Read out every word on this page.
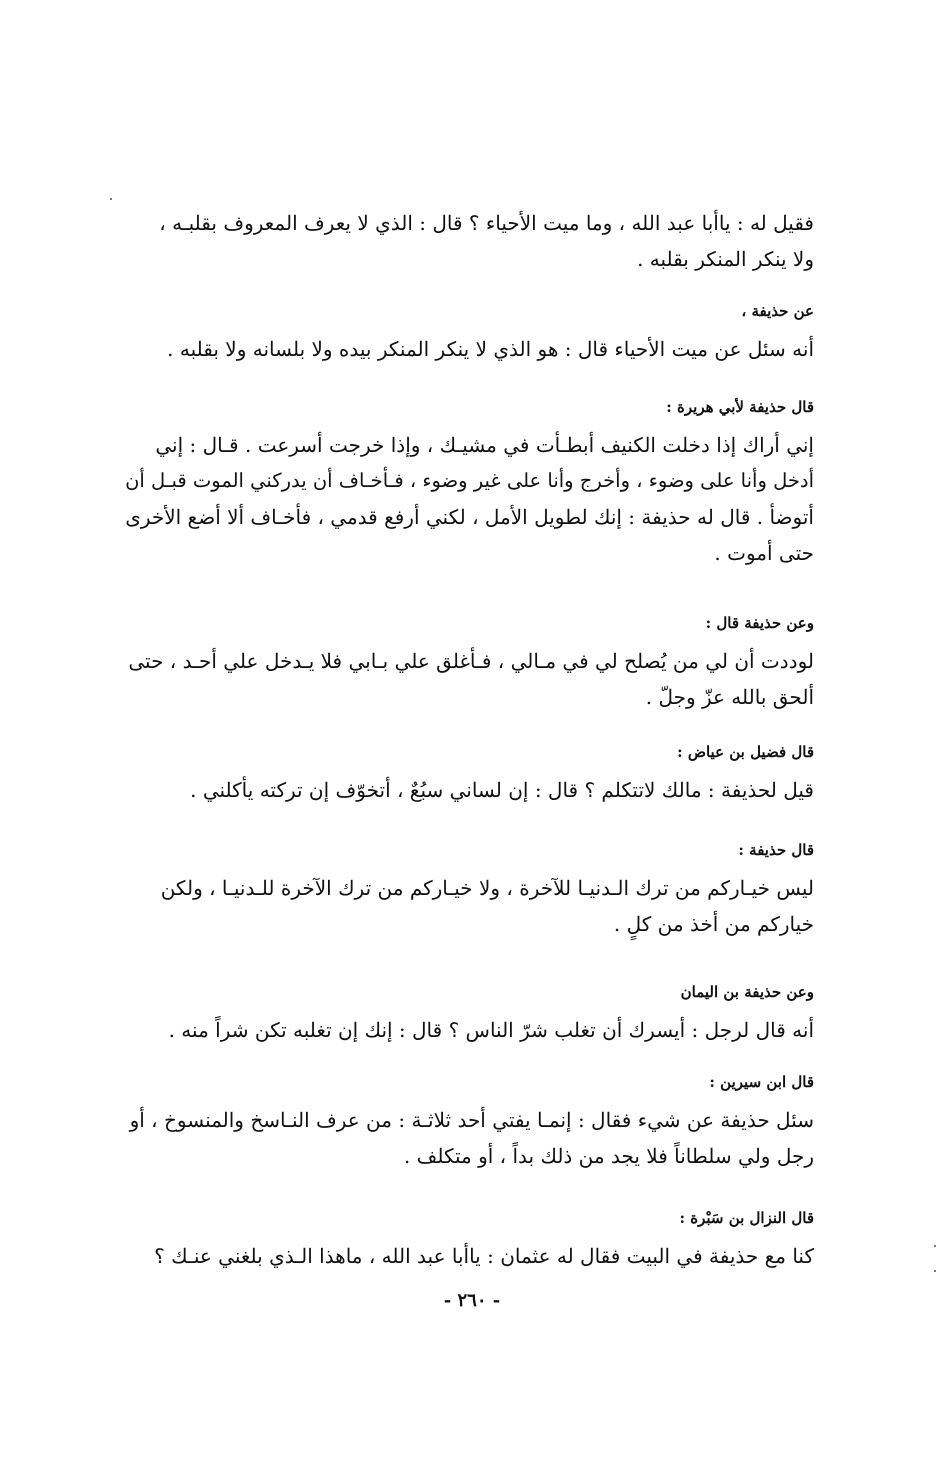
فقيل له : ياأبا عبد الله ، وما ميت الأحياء ؟ قال : الذي لا يعرف المعروف بقلبـه ،
ولا ينكر المنكر بقلبه .
عن حذيفة ،
أنه سئل عن ميت الأحياء قال : هو الذي لا ينكر المنكر بيده ولا بلسانه ولا بقلبه .
قال حذيفة لأبي هريرة :
إني أراك إذا دخلت الكنيف أبطـأت في مشيـك ، وإذا خرجت أسرعت . قـال : إني
أدخل وأنا على وضوء ، وأخرج وأنا على غير وضوء ، فـأخـاف أن يدركني الموت قبـل أن
أتوضأ . قال له حذيفة : إنك لطويل الأمل ، لكني أرفع قدمي ، فأخـاف ألا أضع الأخرى
حتى أموت .
وعن حذيفة قال :
لوددت أن لي من يُصلح لي في مـالي ، فـأغلق علي بـابي فلا يـدخل علي أحـد ، حتى
ألحق بالله عزّ وجلّ .
قال فضيل بن عياض :
قيل لحذيفة : مالك لاتتكلم ؟ قال : إن لساني سبُعٌ ، أتخوّف إن تركته يأكلني .
قال حذيفة :
ليس خيـاركم من ترك الـدنيـا للآخرة ، ولا خيـاركم من ترك الآخرة للـدنيـا ، ولكن
خياركم من أخذ من كلٍ .
وعن حذيفة بن اليمان
أنه قال لرجل : أيسرك أن تغلب شرّ الناس ؟ قال : إنك إن تغلبه تكن شراً منه .
قال ابن سيرين :
سئل حذيفة عن شيء فقال : إنمـا يفتي أحد ثلاثـة : من عرف النـاسخ والمنسوخ ، أو
رجل ولي سلطاناً فلا يجد من ذلك بداً ، أو متكلف .
قال النزال بن سَبْرة :
كنا مع حذيفة في البيت فقال له عثمان : ياأبا عبد الله ، ماهذا الـذي بلغني عنـك ؟
- ٢٦٠ -
